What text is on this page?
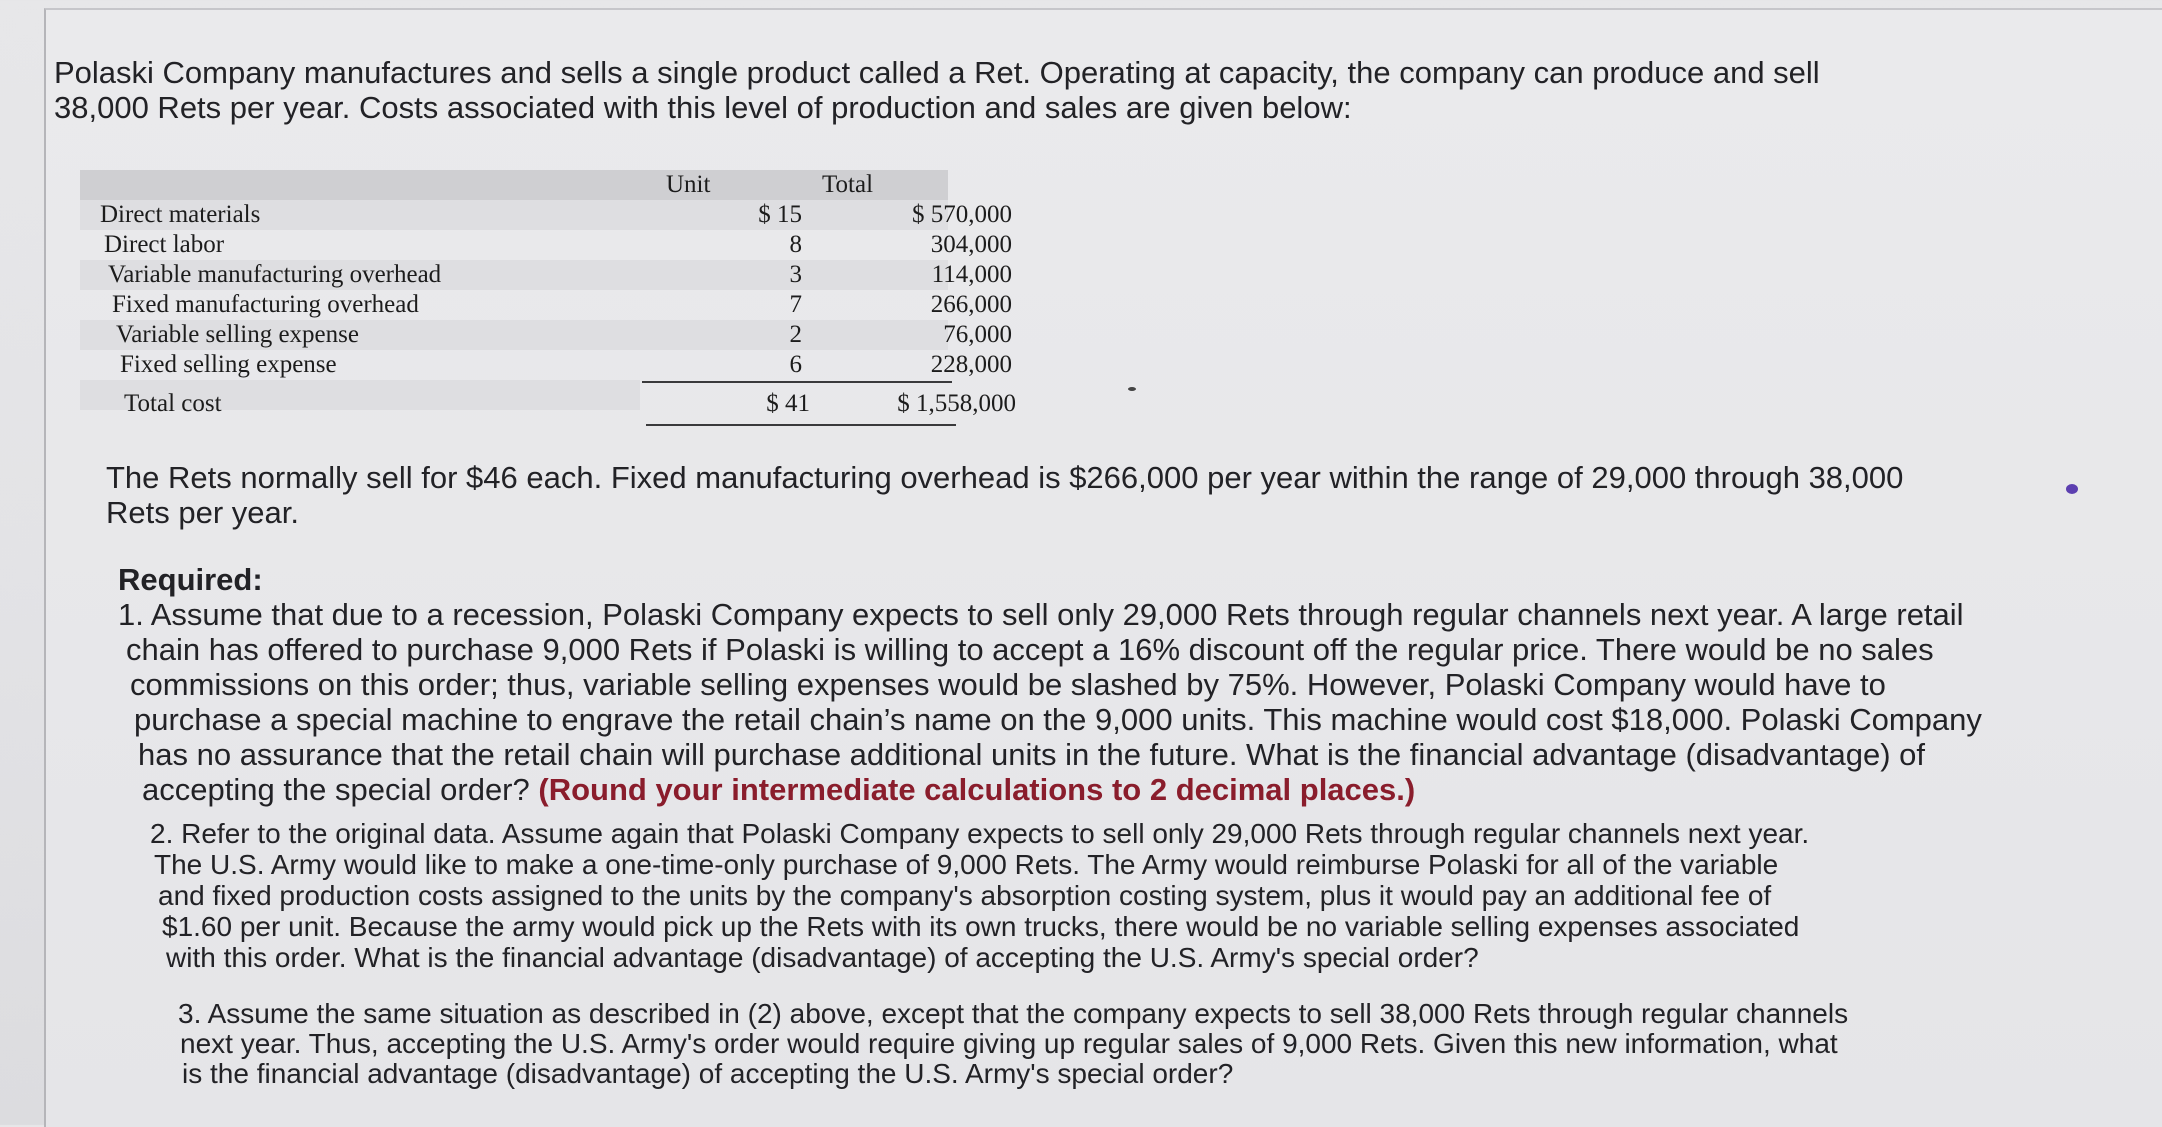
Polaski Company manufactures and sells a single product called a Ret. Operating at capacity, the company can produce and sell
38,000 Rets per year. Costs associated with this level of production and sales are given below:

Unit	Total
Direct materials	$ 15	$ 570,000
Direct labor	8	304,000
Variable manufacturing overhead	3	114,000
Fixed manufacturing overhead	7	266,000
Variable selling expense	2	76,000
Fixed selling expense	6	228,000
Total cost	$ 41	$ 1,558,000

The Rets normally sell for $46 each. Fixed manufacturing overhead is $266,000 per year within the range of 29,000 through 38,000
Rets per year.

Required:
1. Assume that due to a recession, Polaski Company expects to sell only 29,000 Rets through regular channels next year. A large retail
chain has offered to purchase 9,000 Rets if Polaski is willing to accept a 16% discount off the regular price. There would be no sales
commissions on this order; thus, variable selling expenses would be slashed by 75%. However, Polaski Company would have to
purchase a special machine to engrave the retail chain’s name on the 9,000 units. This machine would cost $18,000. Polaski Company
has no assurance that the retail chain will purchase additional units in the future. What is the financial advantage (disadvantage) of
accepting the special order? (Round your intermediate calculations to 2 decimal places.)
2. Refer to the original data. Assume again that Polaski Company expects to sell only 29,000 Rets through regular channels next year.
The U.S. Army would like to make a one-time-only purchase of 9,000 Rets. The Army would reimburse Polaski for all of the variable
and fixed production costs assigned to the units by the company's absorption costing system, plus it would pay an additional fee of
$1.60 per unit. Because the army would pick up the Rets with its own trucks, there would be no variable selling expenses associated
with this order. What is the financial advantage (disadvantage) of accepting the U.S. Army's special order?
3. Assume the same situation as described in (2) above, except that the company expects to sell 38,000 Rets through regular channels
next year. Thus, accepting the U.S. Army's order would require giving up regular sales of 9,000 Rets. Given this new information, what
is the financial advantage (disadvantage) of accepting the U.S. Army's special order?
